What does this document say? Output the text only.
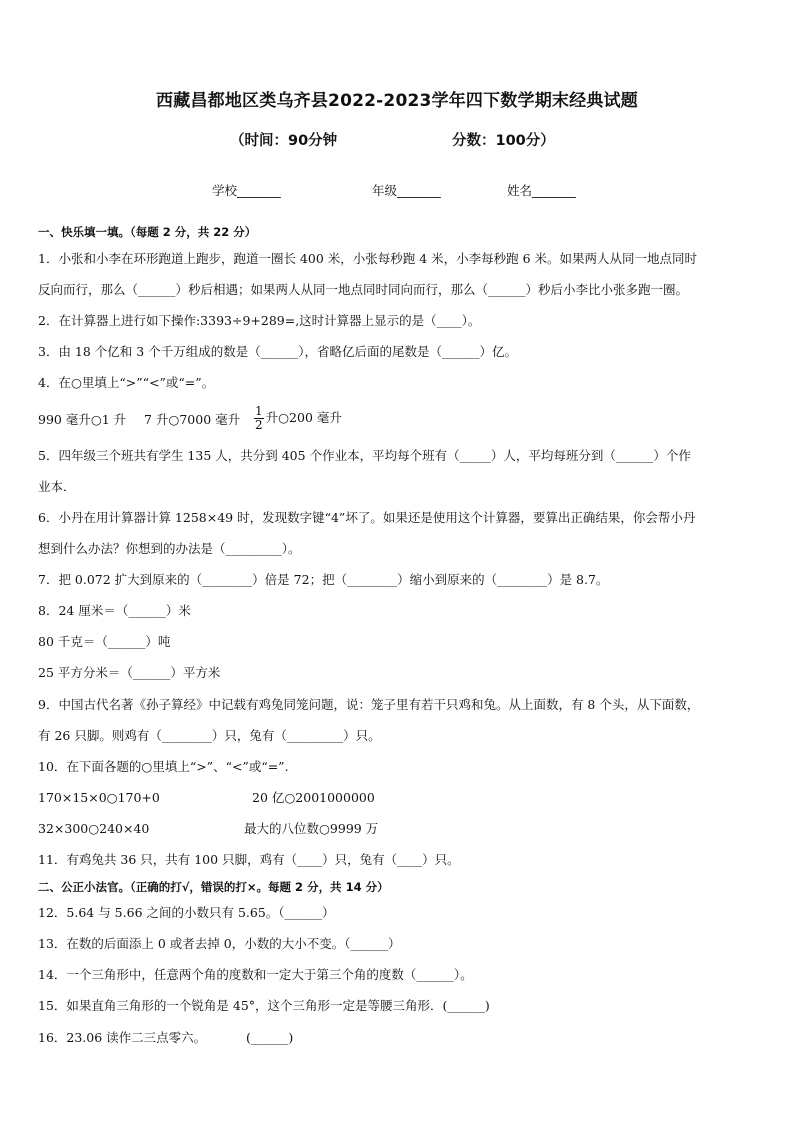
西藏昌都地区类乌齐县2022-2023学年四下数学期末经典试题
（时间：90分钟	分数：100分）
学校_______	年级_______	姓名_______
一、快乐填一填。（每题 2 分，共 22 分）
1．小张和小李在环形跑道上跑步，跑道一圈长 400 米，小张每秒跑 4 米，小李每秒跑 6 米。如果两人从同一地点同时
反向而行，那么（______）秒后相遇；如果两人从同一地点同时同向而行，那么（______）秒后小李比小张多跑一圈。
2．在计算器上进行如下操作:3393÷9+289=,这时计算器上显示的是（____）。
3．由 18 个亿和 3 个千万组成的数是（______），省略亿后面的尾数是（______）亿。
4．在○里填上“>”“<”或“=”。
990 毫升○1 升 7 升○7000 毫升 $\frac{1}{2}$ 升○200 毫升
5．四年级三个班共有学生 135 人，共分到 405 个作业本，平均每个班有（_____）人，平均每班分到（______）个作
业本．
6．小丹在用计算器计算 1258×49 时，发现数字键“4”坏了。如果还是使用这个计算器，要算出正确结果，你会帮小丹
想到什么办法？你想到的办法是（_________）。
7．把 0.072 扩大到原来的（________）倍是 72；把（________）缩小到原来的（________）是 8.7。
8．24 厘米＝（______）米
80 千克＝（______）吨
25 平方分米＝（______）平方米
9．中国古代名著《孙子算经》中记载有鸡兔同笼问题，说：笼子里有若干只鸡和兔。从上面数，有 8 个头，从下面数，
有 26 只脚。则鸡有（________）只，兔有（_________）只。
10．在下面各题的○里填上“>”、“<”或“=”.
170×15×0○170+0	20 亿○2001000000
32×300○240×40	最大的八位数○9999 万
11．有鸡兔共 36 只，共有 100 只脚，鸡有（____）只，兔有（____）只。
二、公正小法官。（正确的打√，错误的打×。每题 2 分，共 14 分）
12．5.64 与 5.66 之间的小数只有 5.65。（______）
13．在数的后面添上 0 或者去掉 0，小数的大小不变。（______）
14．一个三角形中，任意两个角的度数和一定大于第三个角的度数（______）。
15．如果直角三角形的一个锐角是 45°，这个三角形一定是等腰三角形．(______)
16．23.06 读作二三点零六。	(______)
